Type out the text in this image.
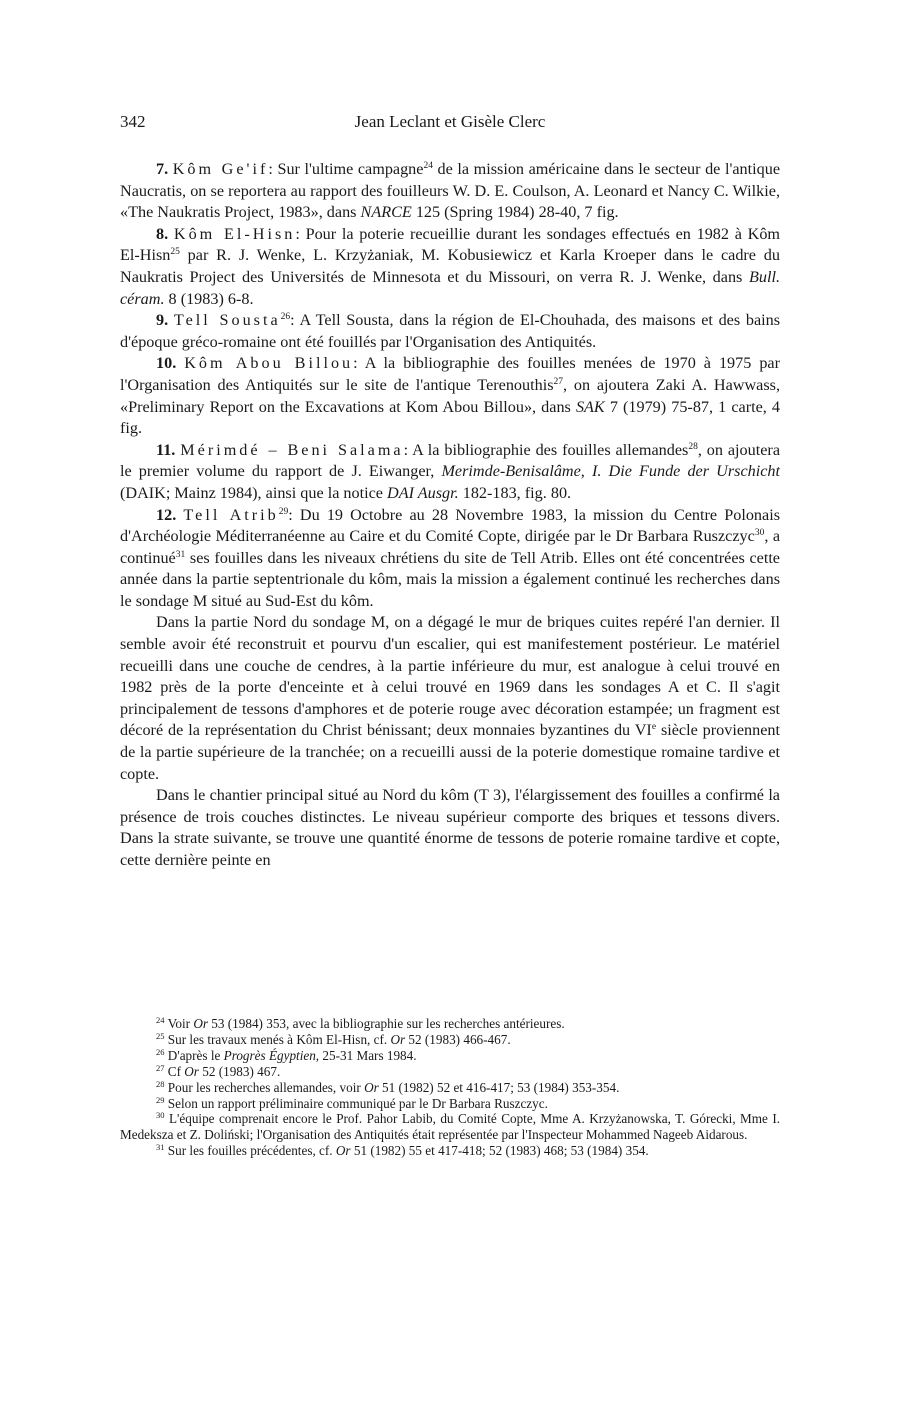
342	Jean Leclant et Gisèle Clerc

7. Kôm Ge'if: Sur l'ultime campagne$^{24}$ de la mission américaine dans le secteur de l'antique Naucratis, on se reportera au rapport des fouilleurs W. D. E. Coulson, A. Leonard et Nancy C. Wilkie, «The Naukratis Project, 1983», dans NARCE 125 (Spring 1984) 28-40, 7 fig.

8. Kôm El-Hisn: Pour la poterie recueillie durant les sondages effectués en 1982 à Kôm El-Hisn$^{25}$ par R. J. Wenke, L. Krzyżaniak, M. Kobusiewicz et Karla Kroeper dans le cadre du Naukratis Project des Universités de Minnesota et du Missouri, on verra R. J. Wenke, dans Bull. céram. 8 (1983) 6-8.

9. Tell Sousta$^{26}$: A Tell Sousta, dans la région de El-Chouhada, des maisons et des bains d'époque gréco-romaine ont été fouillés par l'Organisation des Antiquités.

10. Kôm Abou Billou: A la bibliographie des fouilles menées de 1970 à 1975 par l'Organisation des Antiquités sur le site de l'antique Terenouthis$^{27}$, on ajoutera Zaki A. Hawwass, «Preliminary Report on the Excavations at Kom Abou Billou», dans SAK 7 (1979) 75-87, 1 carte, 4 fig.

11. Mérimdé – Beni Salama: A la bibliographie des fouilles allemandes$^{28}$, on ajoutera le premier volume du rapport de J. Eiwanger, Merimde-Benisalâme, I. Die Funde der Urschicht (DAIK; Mainz 1984), ainsi que la notice DAI Ausgr. 182-183, fig. 80.

12. Tell Atrib$^{29}$: Du 19 Octobre au 28 Novembre 1983, la mission du Centre Polonais d'Archéologie Méditerranéenne au Caire et du Comité Copte, dirigée par le Dr Barbara Ruszczyc$^{30}$, a continué$^{31}$ ses fouilles dans les niveaux chrétiens du site de Tell Atrib. Elles ont été concentrées cette année dans la partie septentrionale du kôm, mais la mission a également continué les recherches dans le sondage M situé au Sud-Est du kôm.

Dans la partie Nord du sondage M, on a dégagé le mur de briques cuites repéré l'an dernier. Il semble avoir été reconstruit et pourvu d'un escalier, qui est manifestement postérieur. Le matériel recueilli dans une couche de cendres, à la partie inférieure du mur, est analogue à celui trouvé en 1982 près de la porte d'enceinte et à celui trouvé en 1969 dans les sondages A et C. Il s'agit principalement de tessons d'amphores et de poterie rouge avec décoration estampée; un fragment est décoré de la représentation du Christ bénissant; deux monnaies byzantines du VIe siècle proviennent de la partie supérieure de la tranchée; on a recueilli aussi de la poterie domestique romaine tardive et copte.

Dans le chantier principal situé au Nord du kôm (T 3), l'élargissement des fouilles a confirmé la présence de trois couches distinctes. Le niveau supérieur comporte des briques et tessons divers. Dans la strate suivante, se trouve une quantité énorme de tessons de poterie romaine tardive et copte, cette dernière peinte en

$^{24}$ Voir Or 53 (1984) 353, avec la bibliographie sur les recherches antérieures.

$^{25}$ Sur les travaux menés à Kôm El-Hisn, cf. Or 52 (1983) 466-467.

$^{26}$ D'après le Progrès Égyptien, 25-31 Mars 1984.

$^{27}$ Cf Or 52 (1983) 467.

$^{28}$ Pour les recherches allemandes, voir Or 51 (1982) 52 et 416-417; 53 (1984) 353-354.

$^{29}$ Selon un rapport préliminaire communiqué par le Dr Barbara Ruszczyc.

$^{30}$ L'équipe comprenait encore le Prof. Pahor Labib, du Comité Copte, Mme A. Krzyżanowska, T. Górecki, Mme I. Medeksza et Z. Doliński; l'Organisation des Antiquités était représentée par l'Inspecteur Mohammed Nageeb Aidarous.

$^{31}$ Sur les fouilles précédentes, cf. Or 51 (1982) 55 et 417-418; 52 (1983) 468; 53 (1984) 354.
